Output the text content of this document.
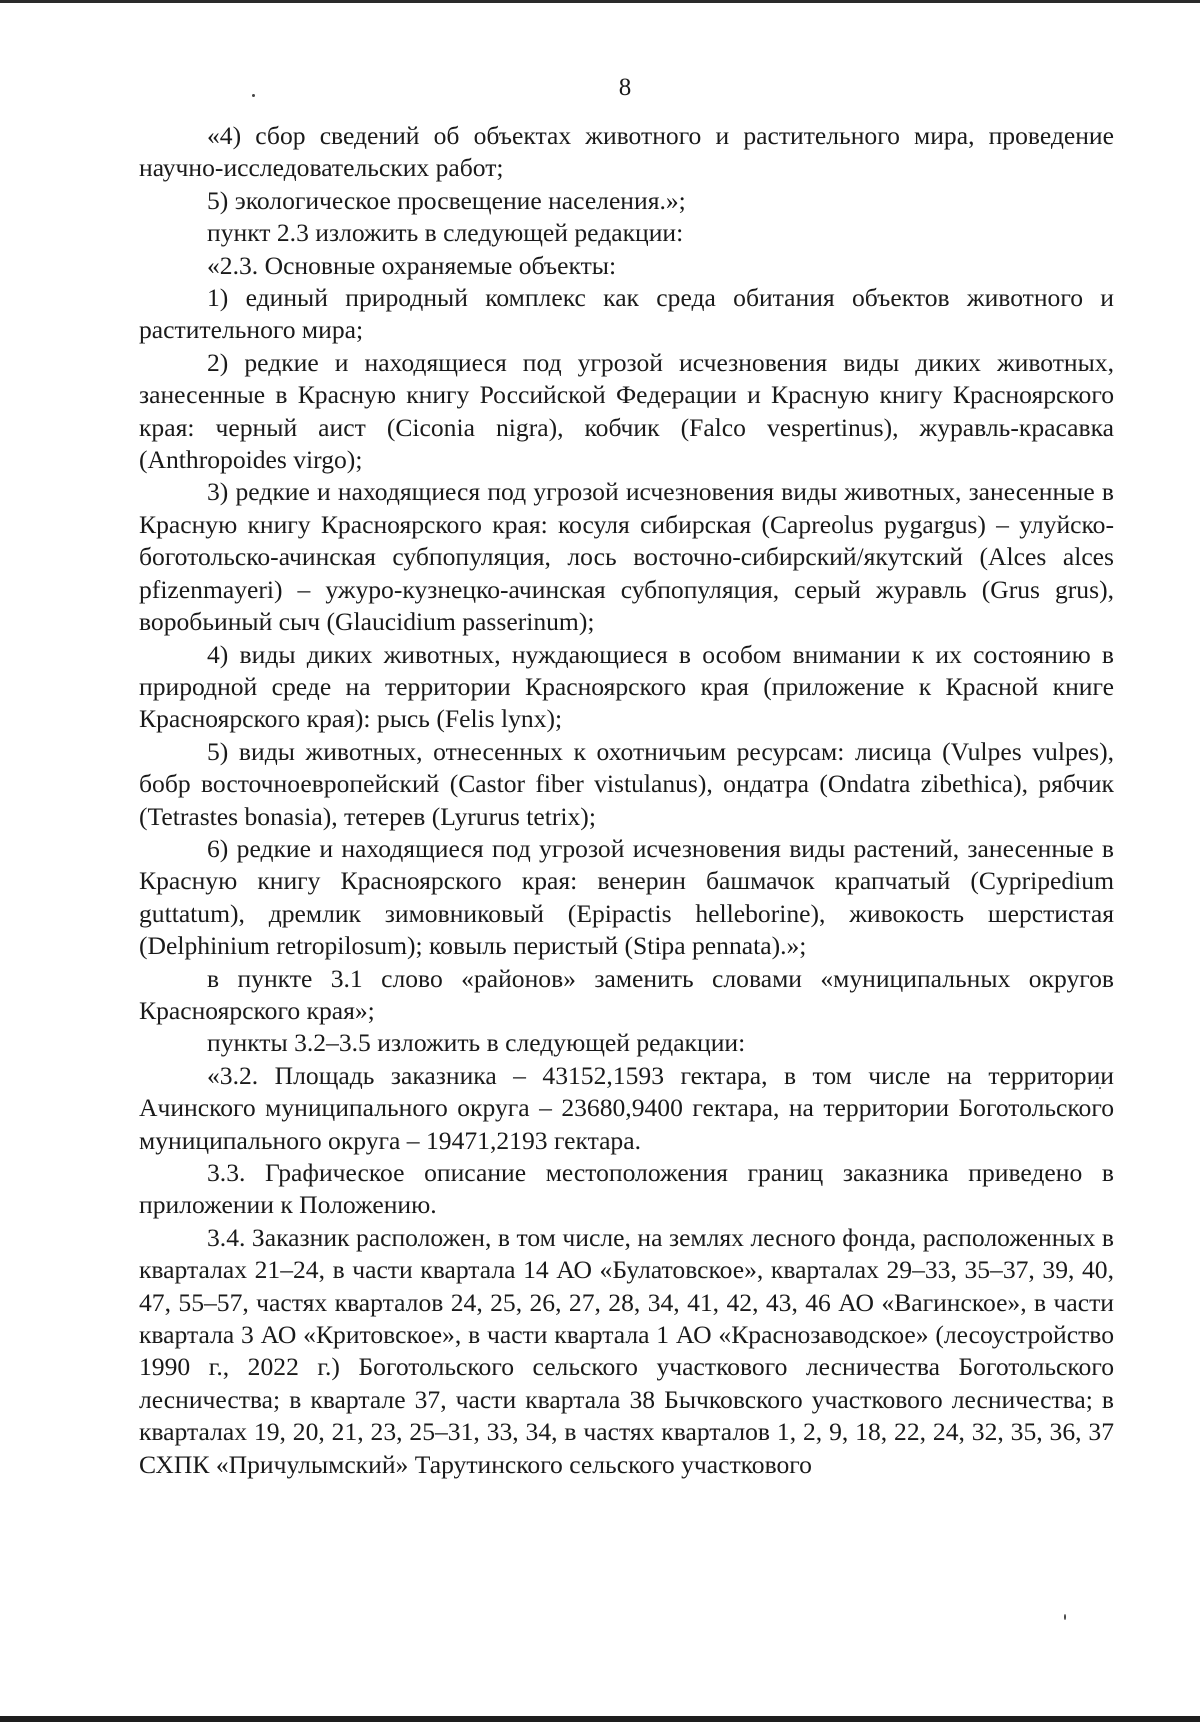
8

«4) сбор сведений об объектах животного и растительного мира, проведение научно-исследовательских работ;

5) экологическое просвещение населения.»;

пункт 2.3 изложить в следующей редакции:

«2.3. Основные охраняемые объекты:

1) единый природный комплекс как среда обитания объектов животного и растительного мира;

2) редкие и находящиеся под угрозой исчезновения виды диких животных, занесенные в Красную книгу Российской Федерации и Красную книгу Красноярского края: черный аист (Ciconia nigra), кобчик (Falco vespertinus), журавль-красавка (Anthropoides virgo);

3) редкие и находящиеся под угрозой исчезновения виды животных, занесенные в Красную книгу Красноярского края: косуля сибирская (Capreolus pygargus) – улуйско-боготольско-ачинская субпопуляция, лось восточно-сибирский/якутский (Alces alces pfizenmayeri) – ужуро-кузнецко-ачинская субпопуляция, серый журавль (Grus grus), воробьиный сыч (Glaucidium passerinum);

4) виды диких животных, нуждающиеся в особом внимании к их состоянию в природной среде на территории Красноярского края (приложение к Красной книге Красноярского края): рысь (Felis lynx);

5) виды животных, отнесенных к охотничьим ресурсам: лисица (Vulpes vulpes), бобр восточноевропейский (Castor fiber vistulanus), ондатра (Ondatra zibethica), рябчик (Tetrastes bonasia), тетерев (Lyrurus tetrix);

6) редкие и находящиеся под угрозой исчезновения виды растений, занесенные в Красную книгу Красноярского края: венерин башмачок крапчатый (Cypripedium guttatum), дремлик зимовниковый (Epipactis helleborine), живокость шерстистая (Delphinium retropilosum); ковыль перистый (Stipa pennata).»;

в пункте 3.1 слово «районов» заменить словами «муниципальных округов Красноярского края»;

пункты 3.2–3.5 изложить в следующей редакции:

«3.2. Площадь заказника – 43152,1593 гектара, в том числе на территории Ачинского муниципального округа – 23680,9400 гектара, на территории Боготольского муниципального округа – 19471,2193 гектара.

3.3. Графическое описание местоположения границ заказника приведено в приложении к Положению.

3.4. Заказник расположен, в том числе, на землях лесного фонда, расположенных в кварталах 21–24, в части квартала 14 АО «Булатовское», кварталах 29–33, 35–37, 39, 40, 47, 55–57, частях кварталов 24, 25, 26, 27, 28, 34, 41, 42, 43, 46 АО «Вагинское», в части квартала 3 АО «Критовское», в части квартала 1 АО «Краснозаводское» (лесоустройство 1990 г., 2022 г.) Боготольского сельского участкового лесничества Боготольского лесничества; в квартале 37, части квартала 38 Бычковского участкового лесничества; в кварталах 19, 20, 21, 23, 25–31, 33, 34, в частях кварталов 1, 2, 9, 18, 22, 24, 32, 35, 36, 37 СХПК «Причулымский» Тарутинского сельского участкового
